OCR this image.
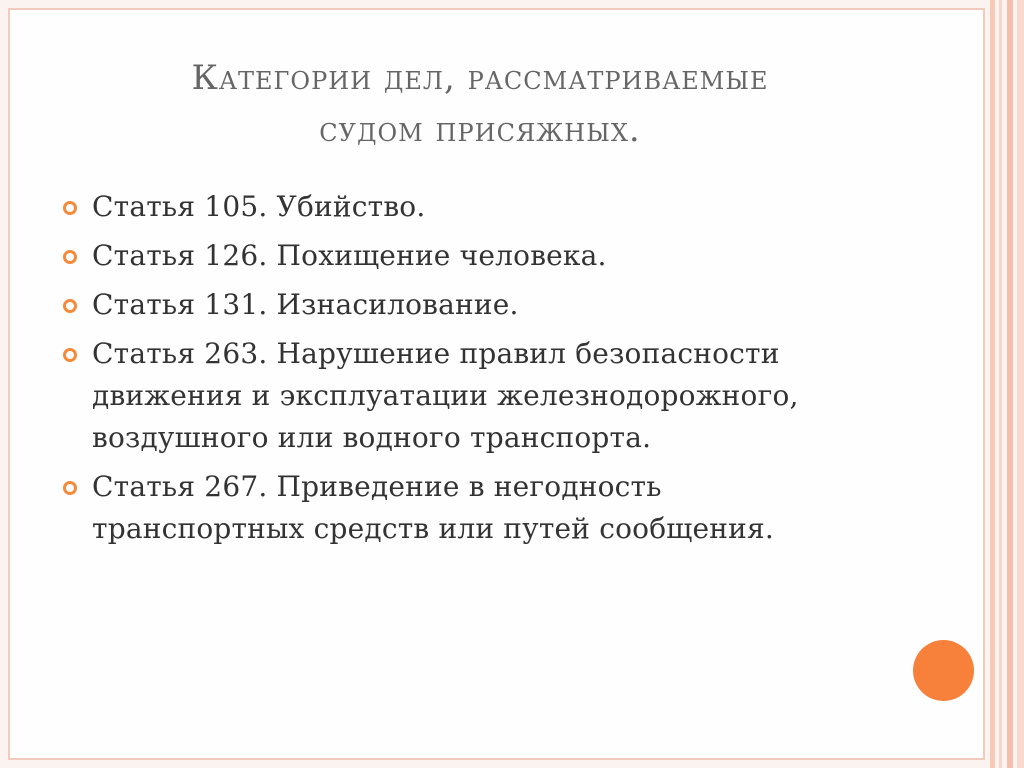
Категории дел, рассматриваемые
судом присяжных.
Статья 105. Убийство.
Статья 126. Похищение человека.
Статья 131. Изнасилование.
Статья 263. Нарушение правил безопасности движения и эксплуатации железнодорожного, воздушного или водного транспорта.
Статья 267. Приведение в негодность транспортных средств или путей сообщения.
